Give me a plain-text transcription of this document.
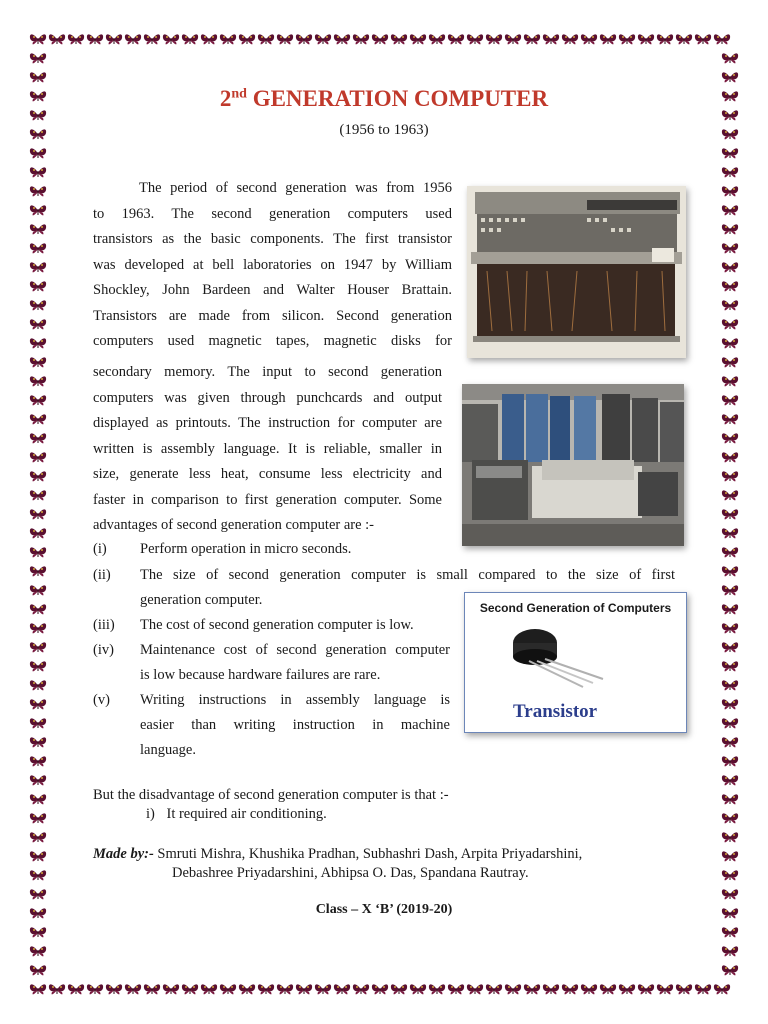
2nd GENERATION COMPUTER
(1956 to 1963)
The period of second generation was from 1956
to 1963. The second generation computers used
transistors as the basic components. The first transistor
was developed at bell laboratories on 1947 by William
Shockley, John Bardeen and Walter Houser Brattain.
Transistors are made from silicon. Second generation
computers used magnetic tapes, magnetic disks for
secondary memory. The input to second generation
computers was given through punchcards and output
displayed as printouts. The instruction for computer are
written is assembly language. It is reliable, smaller in
size, generate less heat, consume less electricity and
faster in comparison to first generation computer. Some
advantages of second generation computer are :-
(i) Perform operation in micro seconds.
(ii) The size of second generation computer is small compared to the size of first
generation computer.
(iii) The cost of second generation computer is low.
(iv) Maintenance cost of second generation computer
is low because hardware failures are rare.
(v) Writing instructions in assembly language is
easier than writing instruction in machine
language.
But the disadvantage of second generation computer is that :-
i) It required air conditioning.
Made by:- Smruti Mishra, Khushika Pradhan, Subhashri Dash, Arpita Priyadarshini,
Debashree Priyadarshini, Abhipsa O. Das, Spandana Rautray.
Class – X ‘B’ (2019-20)
Second Generation of Computers
Transistor
